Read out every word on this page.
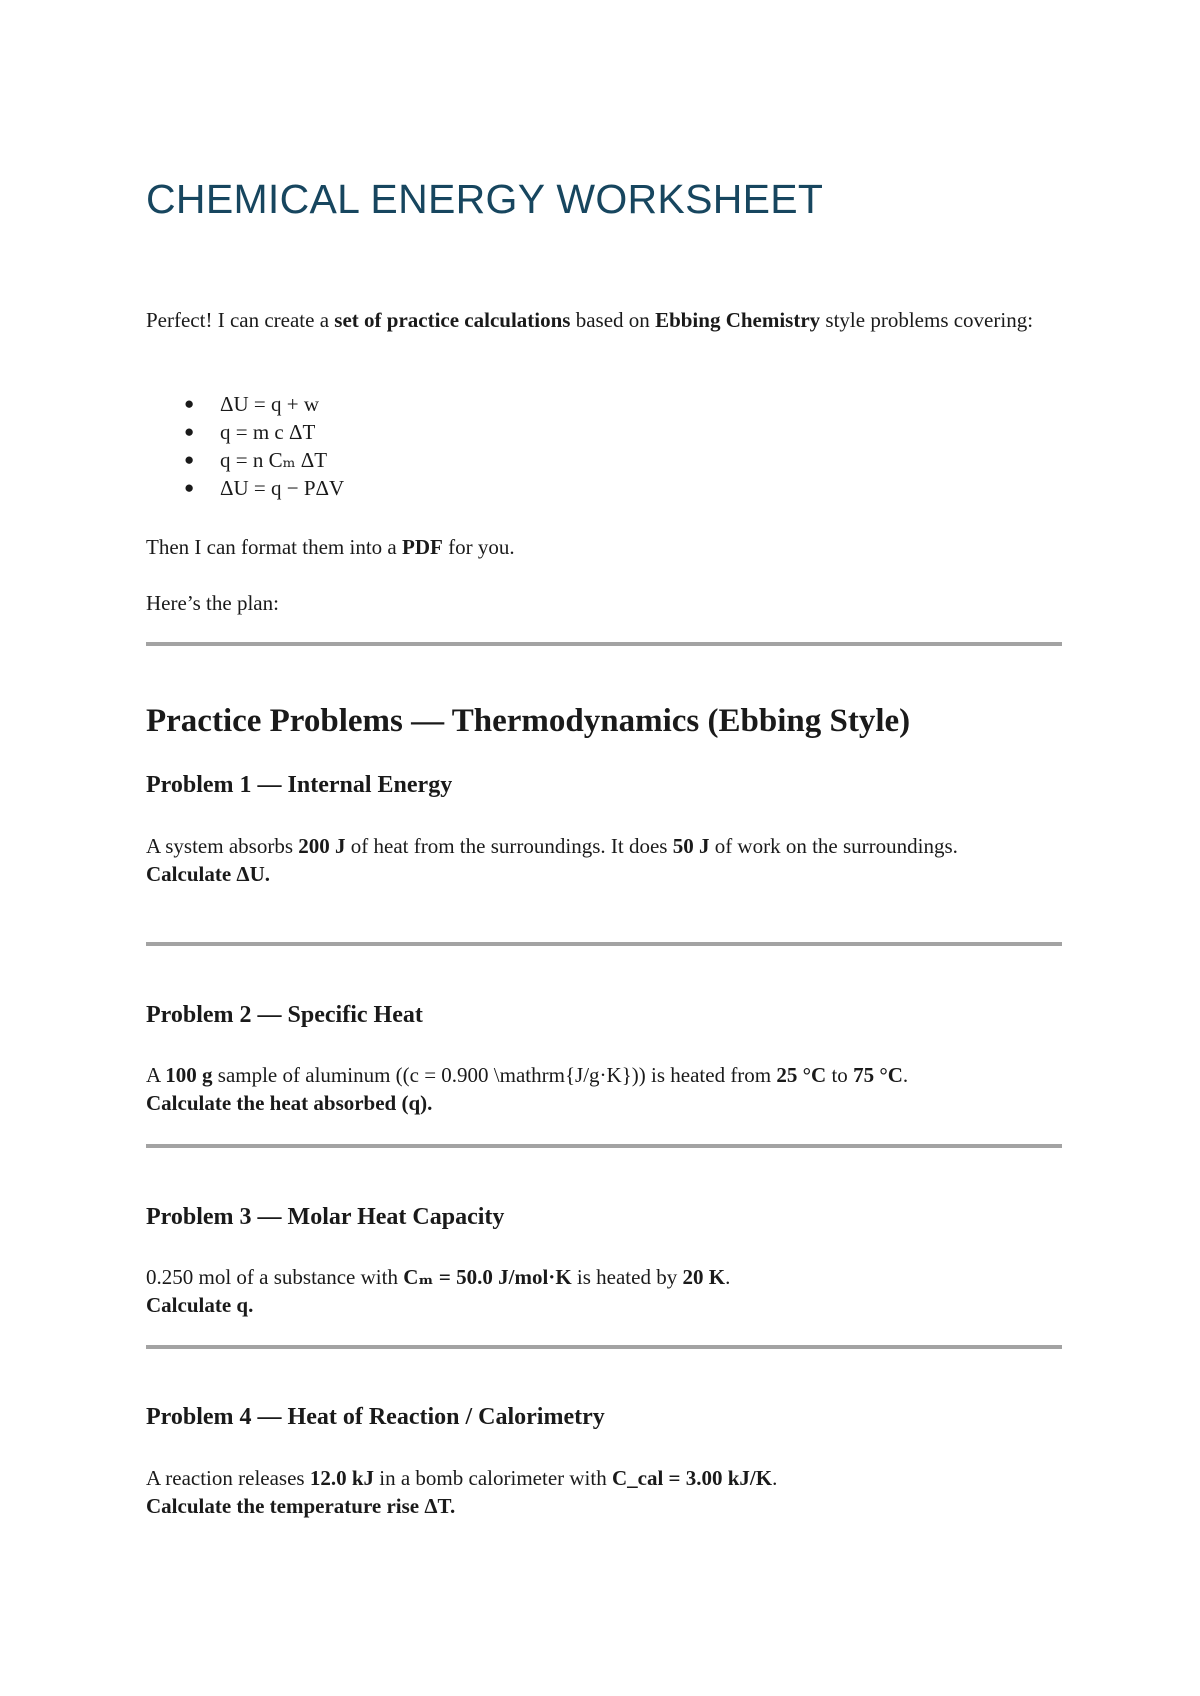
CHEMICAL ENERGY WORKSHEET

Perfect! I can create a set of practice calculations based on Ebbing Chemistry style problems covering:

● ΔU = q + w
● q = m c ΔT
● q = n Cₘ ΔT
● ΔU = q − PΔV

Then I can format them into a PDF for you.

Here’s the plan:

Practice Problems — Thermodynamics (Ebbing Style)
Problem 1 — Internal Energy

A system absorbs 200 J of heat from the surroundings. It does 50 J of work on the surroundings.
Calculate ΔU.

Problem 2 — Specific Heat

A 100 g sample of aluminum ((c = 0.900 \mathrm{J/g·K})) is heated from 25 °C to 75 °C.
Calculate the heat absorbed (q).

Problem 3 — Molar Heat Capacity

0.250 mol of a substance with Cₘ = 50.0 J/mol·K is heated by 20 K.
Calculate q.

Problem 4 — Heat of Reaction / Calorimetry

A reaction releases 12.0 kJ in a bomb calorimeter with C_cal = 3.00 kJ/K.
Calculate the temperature rise ΔT.
